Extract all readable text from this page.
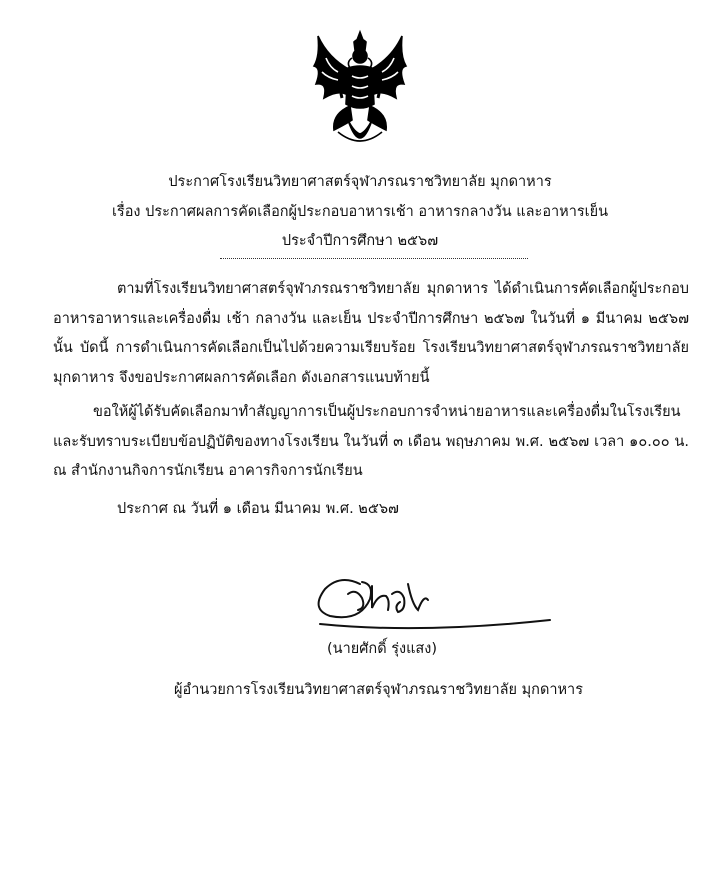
ประกาศโรงเรียนวิทยาศาสตร์จุฬาภรณราชวิทยาลัย มุกดาหาร
เรื่อง ประกาศผลการคัดเลือกผู้ประกอบอาหารเช้า อาหารกลางวัน และอาหารเย็น
ประจำปีการศึกษา ๒๕๖๗
ตามที่โรงเรียนวิทยาศาสตร์จุฬาภรณราชวิทยาลัย มุกดาหาร ได้ดำเนินการคัดเลือกผู้ประกอบอาหารอาหารและเครื่องดื่ม เช้า กลางวัน และเย็น ประจำปีการศึกษา ๒๕๖๗ ในวันที่ ๑ มีนาคม ๒๕๖๗ นั้น บัดนี้ การดำเนินการคัดเลือกเป็นไปด้วยความเรียบร้อย โรงเรียนวิทยาศาสตร์จุฬาภรณราชวิทยาลัย มุกดาหาร จึงขอประกาศผลการคัดเลือก ดังเอกสารแนบท้ายนี้
ขอให้ผู้ได้รับคัดเลือกมาทำสัญญาการเป็นผู้ประกอบการจำหน่ายอาหารและเครื่องดื่มในโรงเรียน และรับทราบระเบียบข้อปฏิบัติของทางโรงเรียน ในวันที่ ๓ เดือน พฤษภาคม พ.ศ. ๒๕๖๗ เวลา ๑๐.๐๐ น. ณ สำนักงานกิจการนักเรียน อาคารกิจการนักเรียน
ประกาศ ณ วันที่ ๑ เดือน มีนาคม พ.ศ. ๒๕๖๗
(นายศักดิ์ รุ่งแสง)
ผู้อำนวยการโรงเรียนวิทยาศาสตร์จุฬาภรณราชวิทยาลัย มุกดาหาร
